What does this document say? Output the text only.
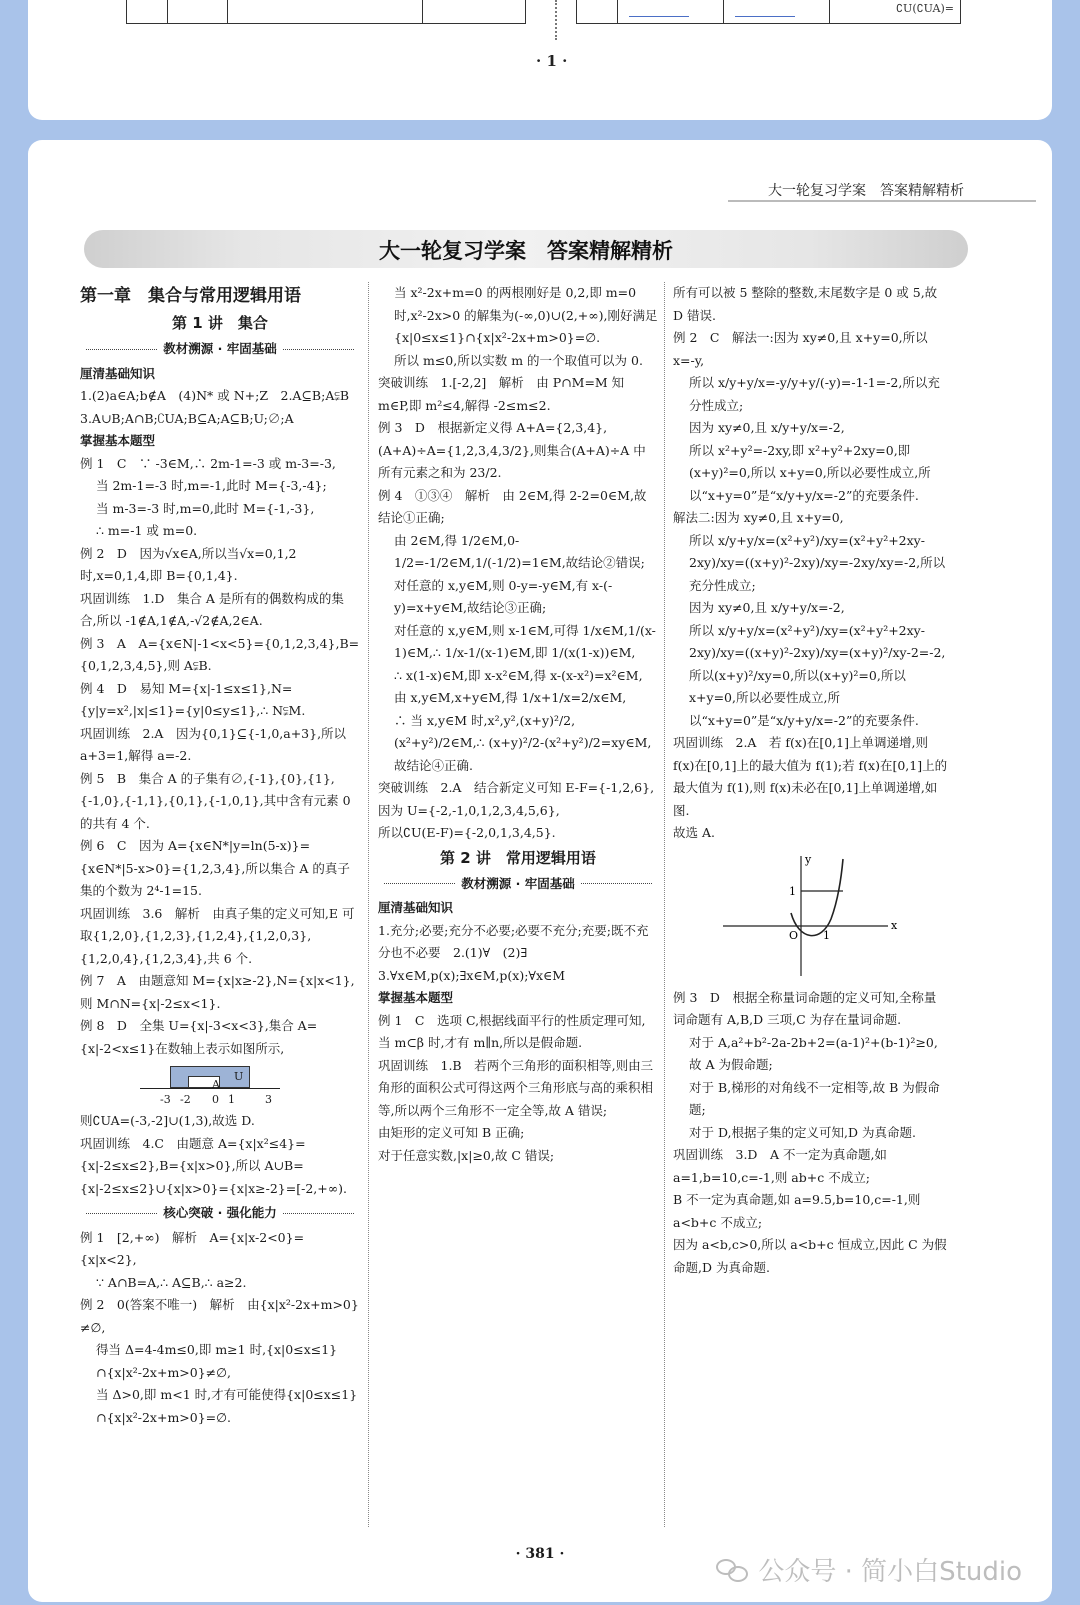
∁U(∁UA)=
· 1 ·
大一轮复习学案　答案精解精析
大一轮复习学案　答案精解精析
第一章　集合与常用逻辑用语
第 1 讲　集合
教材溯源 · 牢固基础
厘清基础知识
1.(2)a∈A;b∉A　(4)N* 或 N+;Z　2.A⊆B;A⫋B　3.A∪B;A∩B;∁UA;B⊆A;A⊆B;U;∅;A
掌握基本题型
例 1　C　∵ -3∈M,∴ 2m-1=-3 或 m-3=-3,
当 2m-1=-3 时,m=-1,此时 M={-3,-4};
当 m-3=-3 时,m=0,此时 M={-1,-3},
∴ m=-1 或 m=0.
例 2　D　因为√x∈A,所以当√x=0,1,2 时,x=0,1,4,即 B={0,1,4}.
巩固训练　1.D　集合 A 是所有的偶数构成的集合,所以 -1∉A,1∉A,-√2∉A,2∈A.
例 3　A　A={x∈N|-1<x<5}={0,1,2,3,4},B={0,1,2,3,4,5},则 A⫋B.
例 4　D　易知 M={x|-1≤x≤1},N={y|y=x²,|x|≤1}={y|0≤y≤1},∴ N⫋M.
巩固训练　2.A　因为{0,1}⊆{-1,0,a+3},所以 a+3=1,解得 a=-2.
例 5　B　集合 A 的子集有∅,{-1},{0},{1},{-1,0},{-1,1},{0,1},{-1,0,1},其中含有元素 0 的共有 4 个.
例 6　C　因为 A={x∈N*|y=ln(5-x)}={x∈N*|5-x>0}={1,2,3,4},所以集合 A 的真子集的个数为 2⁴-1=15.
巩固训练　3.6　解析　由真子集的定义可知,E 可取{1,2,0},{1,2,3},{1,2,4},{1,2,0,3},{1,2,0,4},{1,2,3,4},共 6 个.
例 7　A　由题意知 M={x|x≥-2},N={x|x<1},则 M∩N={x|-2≤x<1}.
例 8　D　全集 U={x|-3<x<3},集合 A={x|-2<x≤1}在数轴上表示如图所示,
A
U
-3 -2 0 1	3
则∁UA=(-3,-2]∪(1,3),故选 D.
巩固训练　4.C　由题意 A={x|x²≤4}={x|-2≤x≤2},B={x|x>0},所以 A∪B={x|-2≤x≤2}∪{x|x>0}={x|x≥-2}=[-2,+∞).
核心突破 · 强化能力
例 1　[2,+∞)　解析　A={x|x-2<0}={x|x<2},
∵ A∩B=A,∴ A⊆B,∴ a≥2.
例 2　0(答案不唯一)　解析　由{x|x²-2x+m>0}≠∅,
得当 Δ=4-4m≤0,即 m≥1 时,{x|0≤x≤1}∩{x|x²-2x+m>0}≠∅,
当 Δ>0,即 m<1 时,才有可能使得{x|0≤x≤1}∩{x|x²-2x+m>0}=∅.
当 x²-2x+m=0 的两根刚好是 0,2,即 m=0 时,x²-2x>0 的解集为(-∞,0)∪(2,+∞),刚好满足{x|0≤x≤1}∩{x|x²-2x+m>0}=∅.
所以 m≤0,所以实数 m 的一个取值可以为 0.
突破训练　1.[-2,2]　解析　由 P∩M=M 知 m∈P,即 m²≤4,解得 -2≤m≤2.
例 3　D　根据新定义得 A+A={2,3,4},(A+A)÷A={1,2,3,4,3/2},则集合(A+A)÷A 中所有元素之和为 23/2.
例 4　①③④　解析　由 2∈M,得 2-2=0∈M,故结论①正确;
由 2∈M,得 1/2∈M,0-1/2=-1/2∈M,1/(-1/2)=1∈M,故结论②错误;
对任意的 x,y∈M,则 0-y=-y∈M,有 x-(-y)=x+y∈M,故结论③正确;
对任意的 x,y∈M,则 x-1∈M,可得 1/x∈M,1/(x-1)∈M,∴ 1/x-1/(x-1)∈M,即 1/(x(1-x))∈M,
∴ x(1-x)∈M,即 x-x²∈M,得 x-(x-x²)=x²∈M,
由 x,y∈M,x+y∈M,得 1/x+1/x=2/x∈M,
∴ 当 x,y∈M 时,x²,y²,(x+y)²/2,(x²+y²)/2∈M,∴ (x+y)²/2-(x²+y²)/2=xy∈M,故结论④正确.
突破训练　2.A　结合新定义可知 E-F={-1,2,6},
因为 U={-2,-1,0,1,2,3,4,5,6},
所以∁U(E-F)={-2,0,1,3,4,5}.
第 2 讲　常用逻辑用语
教材溯源 · 牢固基础
厘清基础知识
1.充分;必要;充分不必要;必要不充分;充要;既不充分也不必要　2.(1)∀　(2)∃　3.∀x∈M,p(x);∃x∈M,p(x);∀x∈M
掌握基本题型
例 1　C　选项 C,根据线面平行的性质定理可知,当 m⊂β 时,才有 m∥n,所以是假命题.
巩固训练　1.B　若两个三角形的面积相等,则由三角形的面积公式可得这两个三角形底与高的乘积相等,所以两个三角形不一定全等,故 A 错误;
由矩形的定义可知 B 正确;
对于任意实数,|x|≥0,故 C 错误;
所有可以被 5 整除的整数,末尾数字是 0 或 5,故 D 错误.
例 2　C　解法一:因为 xy≠0,且 x+y=0,所以 x=-y,
所以 x/y+y/x=-y/y+y/(-y)=-1-1=-2,所以充分性成立;
因为 xy≠0,且 x/y+y/x=-2,
所以 x²+y²=-2xy,即 x²+y²+2xy=0,即(x+y)²=0,所以 x+y=0,所以必要性成立,所以“x+y=0”是“x/y+y/x=-2”的充要条件.
解法二:因为 xy≠0,且 x+y=0,
所以 x/y+y/x=(x²+y²)/xy=(x²+y²+2xy-2xy)/xy=((x+y)²-2xy)/xy=-2xy/xy=-2,所以充分性成立;
因为 xy≠0,且 x/y+y/x=-2,
所以 x/y+y/x=(x²+y²)/xy=(x²+y²+2xy-2xy)/xy=((x+y)²-2xy)/xy=(x+y)²/xy-2=-2,
所以(x+y)²/xy=0,所以(x+y)²=0,所以 x+y=0,所以必要性成立,所以“x+y=0”是“x/y+y/x=-2”的充要条件.
巩固训练　2.A　若 f(x)在[0,1]上单调递增,则 f(x)在[0,1]上的最大值为 f(1);若 f(x)在[0,1]上的最大值为 f(1),则 f(x)未必在[0,1]上单调递增,如图.
故选 A.
y
x
1
O 1
例 3　D　根据全称量词命题的定义可知,全称量词命题有 A,B,D 三项,C 为存在量词命题.
对于 A,a²+b²-2a-2b+2=(a-1)²+(b-1)²≥0,故 A 为假命题;
对于 B,梯形的对角线不一定相等,故 B 为假命题;
对于 D,根据子集的定义可知,D 为真命题.
巩固训练　3.D　A 不一定为真命题,如 a=1,b=10,c=-1,则 ab+c 不成立;
B 不一定为真命题,如 a=9.5,b=10,c=-1,则 a<b+c 不成立;
因为 a<b,c>0,所以 a<b+c 恒成立,因此 C 为假命题,D 为真命题.
· 381 ·
公众号 · 简小白Studio
